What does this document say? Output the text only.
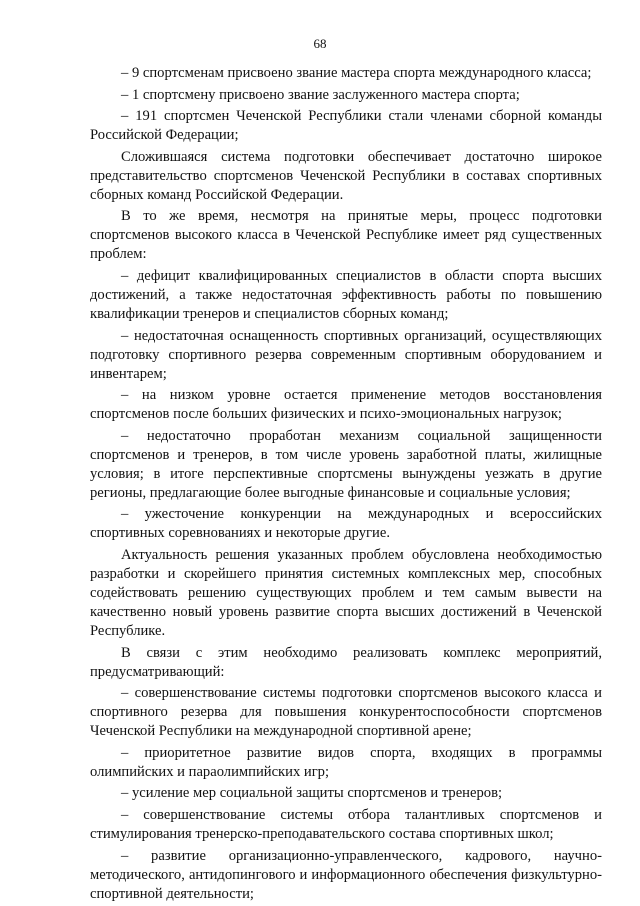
68

– 9 спортсменам присвоено звание мастера спорта международного класса;

– 1 спортсмену присвоено звание заслуженного мастера спорта;

– 191 спортсмен Чеченской Республики стали членами сборной команды Российской Федерации;

Сложившаяся система подготовки обеспечивает достаточно широкое представительство спортсменов Чеченской Республики в составах спортивных сборных команд Российской Федерации.

В то же время, несмотря на принятые меры, процесс подготовки спортсменов высокого класса в Чеченской Республике имеет ряд существенных проблем:

– дефицит квалифицированных специалистов в области спорта высших достижений, а также недостаточная эффективность работы по повышению квалификации тренеров и специалистов сборных команд;

– недостаточная оснащенность спортивных организаций, осуществляющих подготовку спортивного резерва современным спортивным оборудованием и инвентарем;

– на низком уровне остается применение методов восстановления спортсменов после больших физических и психо-эмоциональных нагрузок;

– недостаточно проработан механизм социальной защищенности спортсменов и тренеров, в том числе уровень заработной платы, жилищные условия; в итоге перспективные спортсмены вынуждены уезжать в другие регионы, предлагающие более выгодные финансовые и социальные условия;

– ужесточение конкуренции на международных и всероссийских спортивных соревнованиях и некоторые другие.

Актуальность решения указанных проблем обусловлена необходимостью разработки и скорейшего принятия системных комплексных мер, способных содействовать решению существующих проблем и тем самым вывести на качественно новый уровень развитие спорта высших достижений в Чеченской Республике.

В связи с этим необходимо реализовать комплекс мероприятий, предусматривающий:

– совершенствование системы подготовки спортсменов высокого класса и спортивного резерва для повышения конкурентоспособности спортсменов Чеченской Республики на международной спортивной арене;

– приоритетное развитие видов спорта, входящих в программы олимпийских и параолимпийских игр;

– усиление мер социальной защиты спортсменов и тренеров;

– совершенствование системы отбора талантливых спортсменов и стимулирования тренерско-преподавательского состава спортивных школ;

– развитие организационно-управленческого, кадрового, научно-методического, антидопингового и информационного обеспечения физкультурно-спортивной деятельности;
